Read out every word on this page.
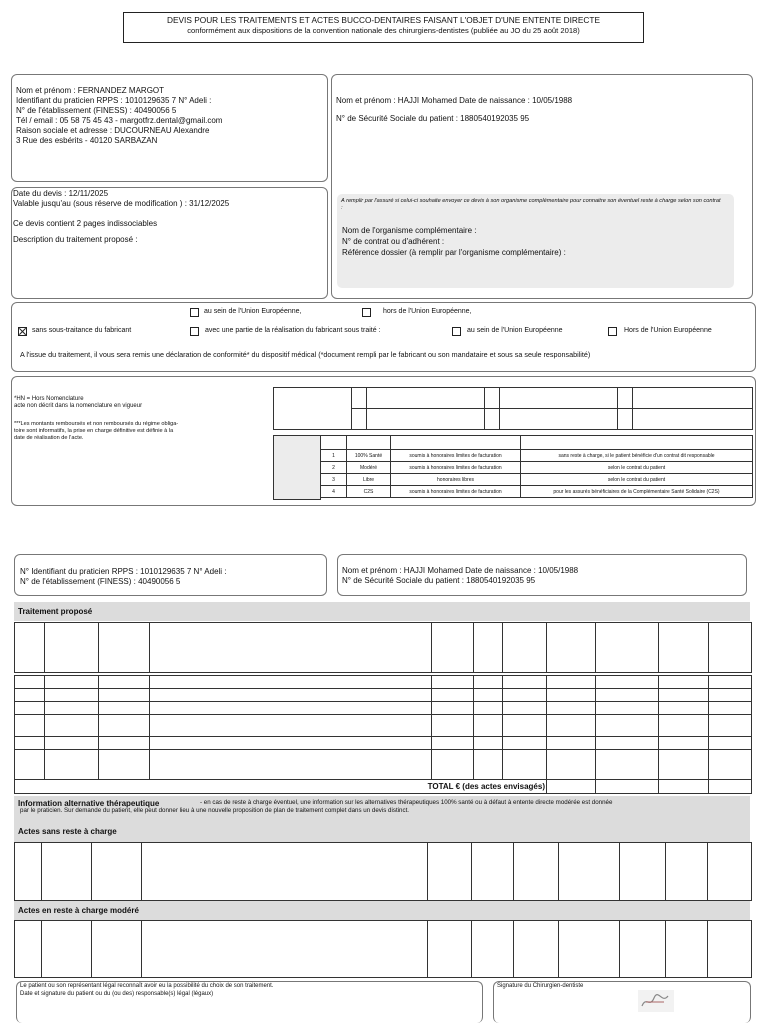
DEVIS POUR LES TRAITEMENTS ET ACTES BUCCO-DENTAIRES FAISANT L'OBJET D'UNE ENTENTE DIRECTE
conformément aux dispositions de la convention nationale des chirurgiens-dentistes (publiée au JO du 25 août 2018)
Nom et prénom : FERNANDEZ MARGOT
Identifiant du praticien RPPS : 1010129635 7 N° Adeli :
N° de l'établissement (FINESS) : 40490056 5
Tél / email : 05 58 75 45 43 - margotfrz.dental@gmail.com
Raison sociale et adresse : DUCOURNEAU Alexandre
3 Rue des esbérits - 40120 SARBAZAN
Nom et prénom : HAJJI Mohamed Date de naissance : 10/05/1988
N° de Sécurité Sociale du patient : 1880540192035 95
A remplir par l'assuré si celui-ci souhaite envoyer ce devis à son organisme complémentaire pour connaitre son éventuel reste à charge selon son contrat :
Nom de l'organisme complémentaire :
N° de contrat ou d'adhérent :
Référence dossier (à remplir par l'organisme complémentaire) :
Date du devis : 12/11/2025
Valable jusqu'au (sous réserve de modification ) : 31/12/2025
Ce devis contient 2 pages indissociables
Description du traitement proposé :
au sein de l'Union Européenne,	hors de l'Union Européenne,
sans sous-traitance du fabricant	avec une partie de la réalisation du fabricant sous traité :	au sein de l'Union Européenne	Hors de l'Union Européenne
A l'issue du traitement, il vous sera remis une déclaration de conformité* du dispositif médical (*document rempli par le fabricant ou son mandataire et sous sa seule responsabilité)
*HN = Hors Nomenclature
acte non décrit dans la nomenclature en vigueur
***Les montants remboursés et non remboursés du régime obliga-
toire sont informatifs, la prise en charge définitive est définie à la
date de réalisation de l'acte.

1	100% Santé	soumis à honoraires limites de facturation	sans reste à charge, si le patient bénéficie d'un contrat dit responsable
2	Modéré	soumis à honoraires limites de facturation	selon le contrat du patient
3	Libre	honoraires libres	selon le contrat du patient
4	C2S	soumis à honoraires limites de facturation	pour les assurés bénéficiaires de la Complémentaire Santé Solidaire (C2S)
N° Identifiant du praticien RPPS : 1010129635 7 N° Adeli :
N° de l'établissement (FINESS) : 40490056 5
Nom et prénom : HAJJI Mohamed Date de naissance : 10/05/1988
N° de Sécurité Sociale du patient : 1880540192035 95
Traitement proposé

TOTAL € (des actes envisagés)										
Information alternative thérapeutique	- en cas de reste à charge éventuel, une information sur les alternatives thérapeutiques 100% santé ou à défaut à entente directe modérée est donnée
par le praticien. Sur demande du patient, elle peut donner lieu à une nouvelle proposition de plan de traitement complet dans un devis distinct.
Actes sans reste à charge

Actes en reste à charge modéré

Le patient ou son représentant légal reconnaît avoir eu la possibilité du choix de son traitement.
Date et signature du patient ou du (ou des) responsable(s) légal (légaux)
Signature du Chirurgien-dentiste
